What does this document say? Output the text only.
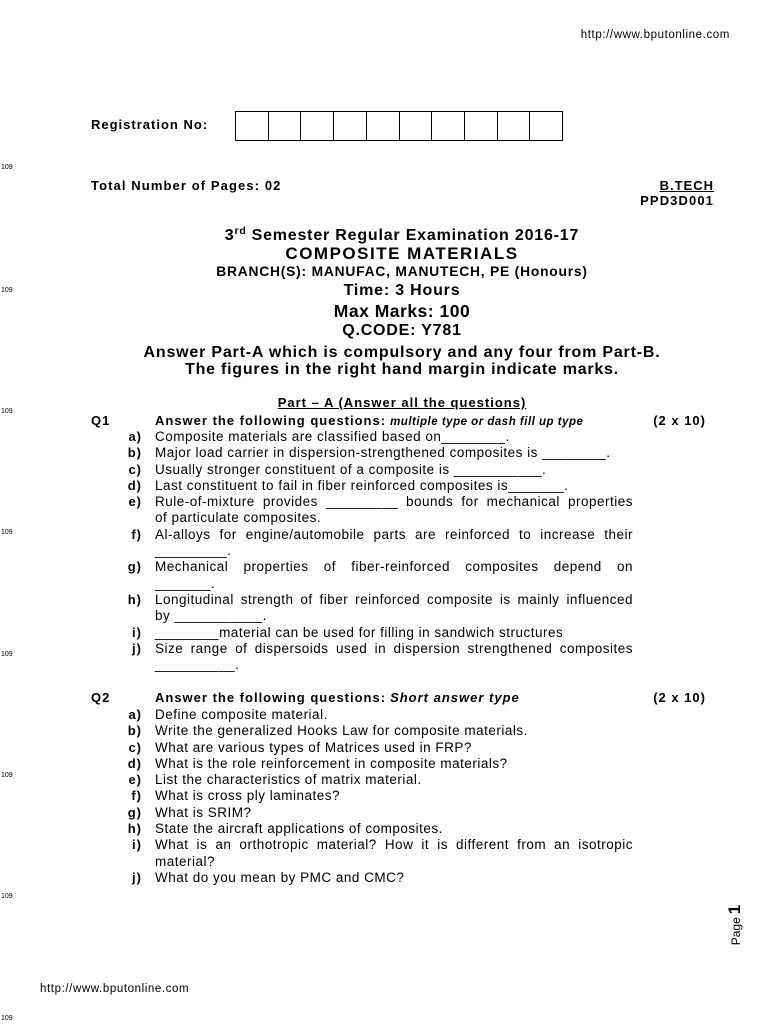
http://www.bputonline.com
109
109
109
109
109
109
109
109
Registration No:
Total Number of Pages: 02	B.TECH
PPD3D001
3rd Semester Regular Examination 2016-17
COMPOSITE MATERIALS
BRANCH(S): MANUFAC, MANUTECH, PE (Honours)
Time: 3 Hours
Max Marks: 100
Q.CODE: Y781
Answer Part-A which is compulsory and any four from Part-B.
The figures in the right hand margin indicate marks.
Part – A (Answer all the questions)
Q1	Answer the following questions: multiple type or dash fill up type	(2 x 10)
a) Composite materials are classified based on________.
b) Major load carrier in dispersion-strengthened composites is ________.
c) Usually stronger constituent of a composite is ___________.
d) Last constituent to fail in fiber reinforced composites is_______.
e) Rule-of-mixture provides _________ bounds for mechanical properties
of particulate composites.
f) Al-alloys for engine/automobile parts are reinforced to increase their
_________.
g) Mechanical properties of fiber-reinforced composites depend on
_______.
h) Longitudinal strength of fiber reinforced composite is mainly influenced
by ___________.
i) ________material can be used for filling in sandwich structures
j) Size range of dispersoids used in dispersion strengthened composites
__________.
Q2	Answer the following questions: Short answer type	(2 x 10)
a) Define composite material.
b) Write the generalized Hooks Law for composite materials.
c) What are various types of Matrices used in FRP?
d) What is the role reinforcement in composite materials?
e) List the characteristics of matrix material.
f) What is cross ply laminates?
g) What is SRIM?
h) State the aircraft applications of composites.
i) What is an orthotropic material? How it is different from an isotropic
material?
j) What do you mean by PMC and CMC?
Page1
http://www.bputonline.com
